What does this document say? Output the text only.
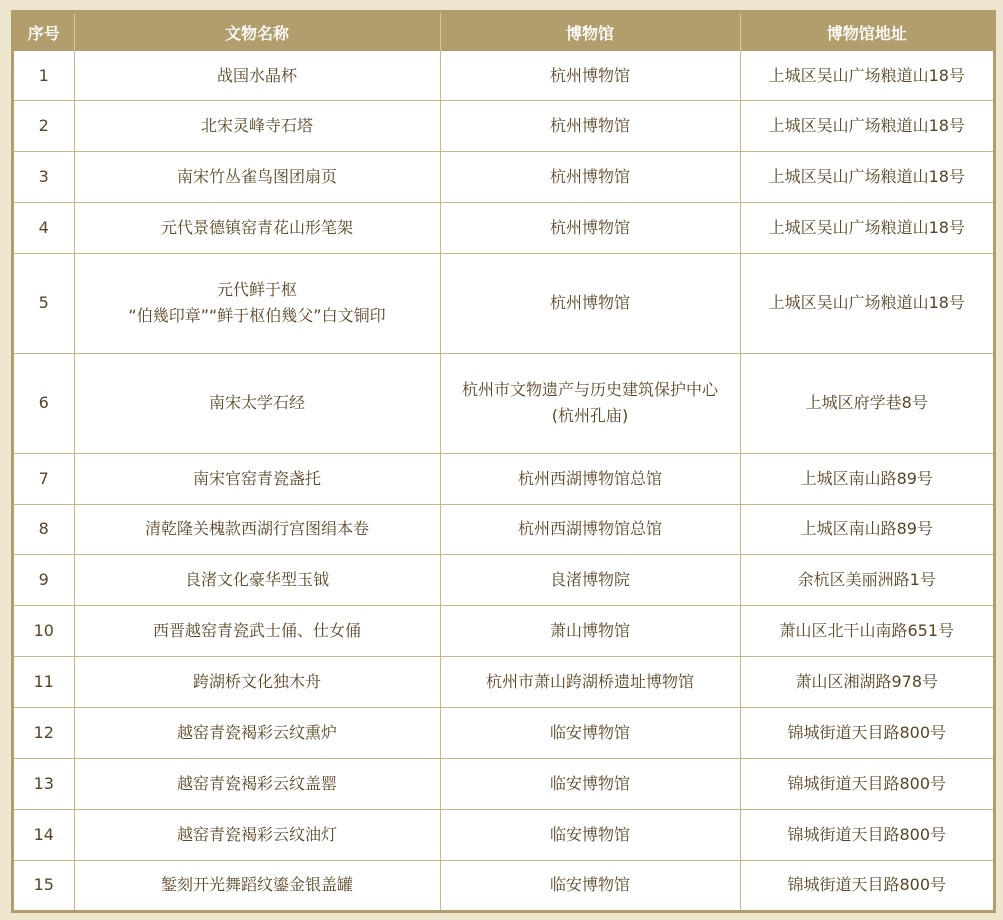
序号	文物名称	博物馆	博物馆地址
1	战国水晶杯	杭州博物馆	上城区吴山广场粮道山18号
2	北宋灵峰寺石塔	杭州博物馆	上城区吴山广场粮道山18号
3	南宋竹丛雀鸟图团扇页	杭州博物馆	上城区吴山广场粮道山18号
4	元代景德镇窑青花山形笔架	杭州博物馆	上城区吴山广场粮道山18号
5	元代鲜于枢
“伯幾印章”“鲜于枢伯幾父”白文铜印	杭州博物馆	上城区吴山广场粮道山18号
6	南宋太学石经	杭州市文物遗产与历史建筑保护中心
(杭州孔庙)	上城区府学巷8号
7	南宋官窑青瓷盏托	杭州西湖博物馆总馆	上城区南山路89号
8	清乾隆关槐款西湖行宫图绢本卷	杭州西湖博物馆总馆	上城区南山路89号
9	良渚文化豪华型玉钺	良渚博物院	余杭区美丽洲路1号
10	西晋越窑青瓷武士俑、仕女俑	萧山博物馆	萧山区北干山南路651号
11	跨湖桥文化独木舟	杭州市萧山跨湖桥遗址博物馆	萧山区湘湖路978号
12	越窑青瓷褐彩云纹熏炉	临安博物馆	锦城街道天目路800号
13	越窑青瓷褐彩云纹盖罂	临安博物馆	锦城街道天目路800号
14	越窑青瓷褐彩云纹油灯	临安博物馆	锦城街道天目路800号
15	錾刻开光舞蹈纹鎏金银盖罐	临安博物馆	锦城街道天目路800号
